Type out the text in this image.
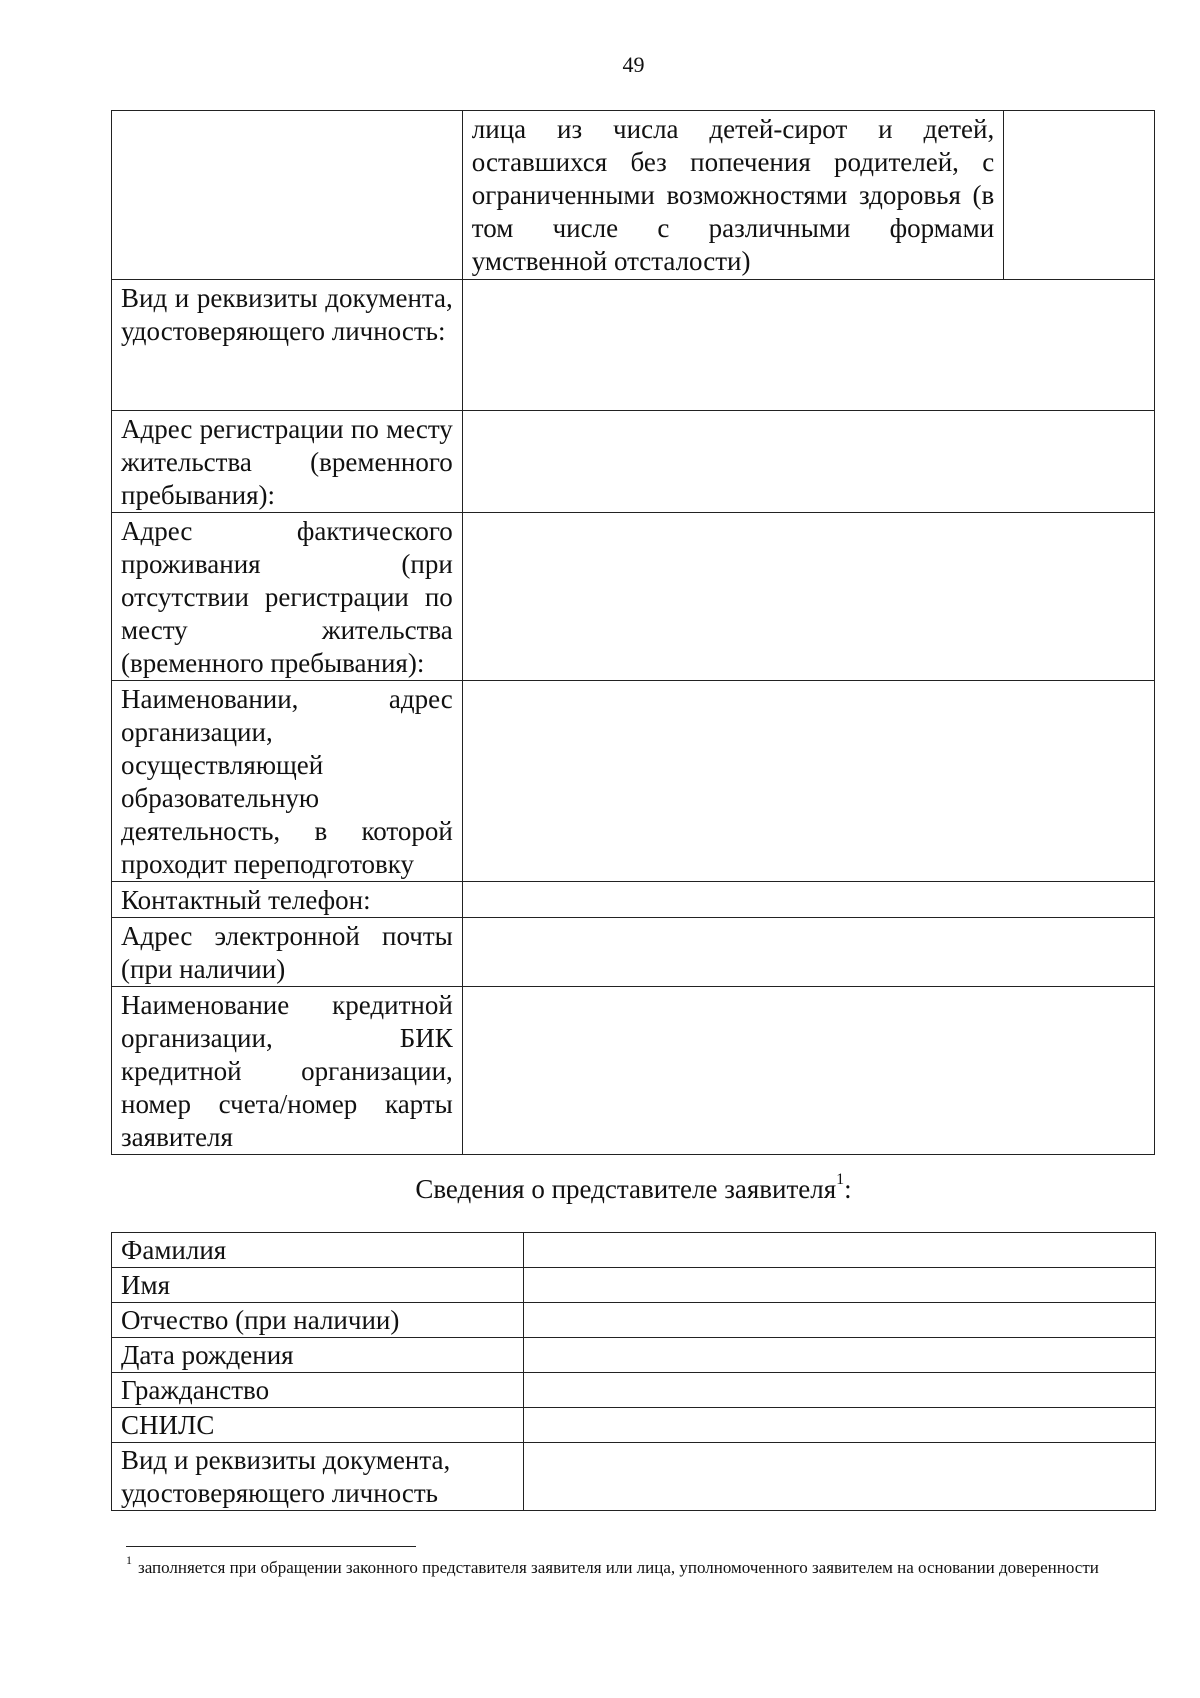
49
	лица из числа детей-сирот и детей, оставшихся без попечения родителей, с ограниченными возможностями здоровья (в том числе с различными формами умственной отсталости)	
Вид и реквизиты документа, удостоверяющего личность:		
Адрес регистрации по месту жительства (временного пребывания):		
Адрес фактического проживания (при отсутствии регистрации по месту жительства (временного пребывания):		
Наименовании, адрес организации, осуществляющей образовательную деятельность, в которой проходит переподготовку		
Контактный телефон:		
Адрес электронной почты (при наличии)		
Наименование кредитной организации, БИК кредитной организации, номер счета/номер карты заявителя		
Сведения о представителе заявителя$^1$:
Фамилия	
Имя	
Отчество (при наличии)	
Дата рождения	
Гражданство	
СНИЛС	
Вид и реквизиты документа, удостоверяющего личность	
$^1$ заполняется при обращении законного представителя заявителя или лица, уполномоченного заявителем на основании доверенности
